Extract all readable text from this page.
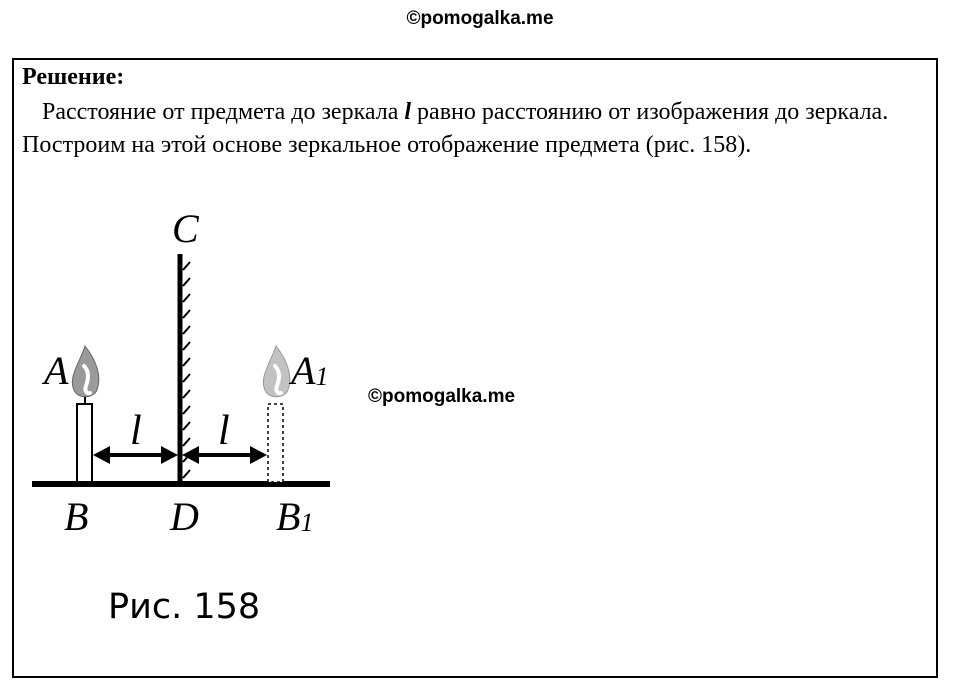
©pomogalka.me
Решение:
Расстояние от предмета до зеркала l равно расстоянию от изображения до зеркала. Построим на этой основе зеркальное отображение предмета (рис. 158).
C
A	A1
l l
B D B1
©pomogalka.me
Рис. 158
